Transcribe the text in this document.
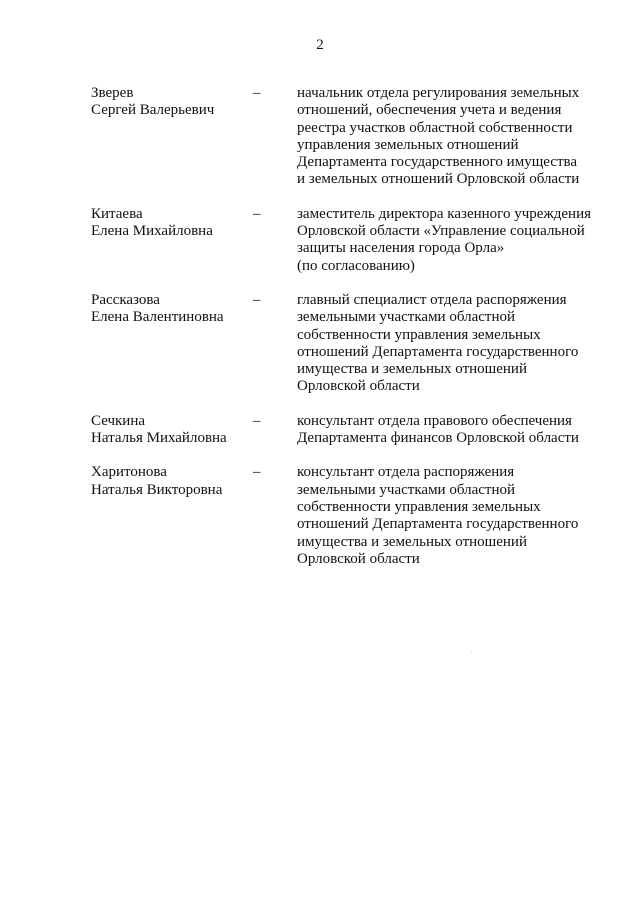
2
Зверев
Сергей Валерьевич
–	начальник отдела регулирования земельных
отношений, обеспечения учета и ведения
реестра участков областной собственности
управления земельных отношений
Департамента государственного имущества
и земельных отношений Орловской области
Китаева
Елена Михайловна
–	заместитель директора казенного учреждения
Орловской области «Управление социальной
защиты населения города Орла»
(по согласованию)
Рассказова
Елена Валентиновна
–	главный специалист отдела распоряжения
земельными участками областной
собственности управления земельных
отношений Департамента государственного
имущества и земельных отношений
Орловской области
Сечкина
Наталья Михайловна
–	консультант отдела правового обеспечения
Департамента финансов Орловской области
Харитонова
Наталья Викторовна
–	консультант отдела распоряжения
земельными участками областной
собственности управления земельных
отношений Департамента государственного
имущества и земельных отношений
Орловской области
